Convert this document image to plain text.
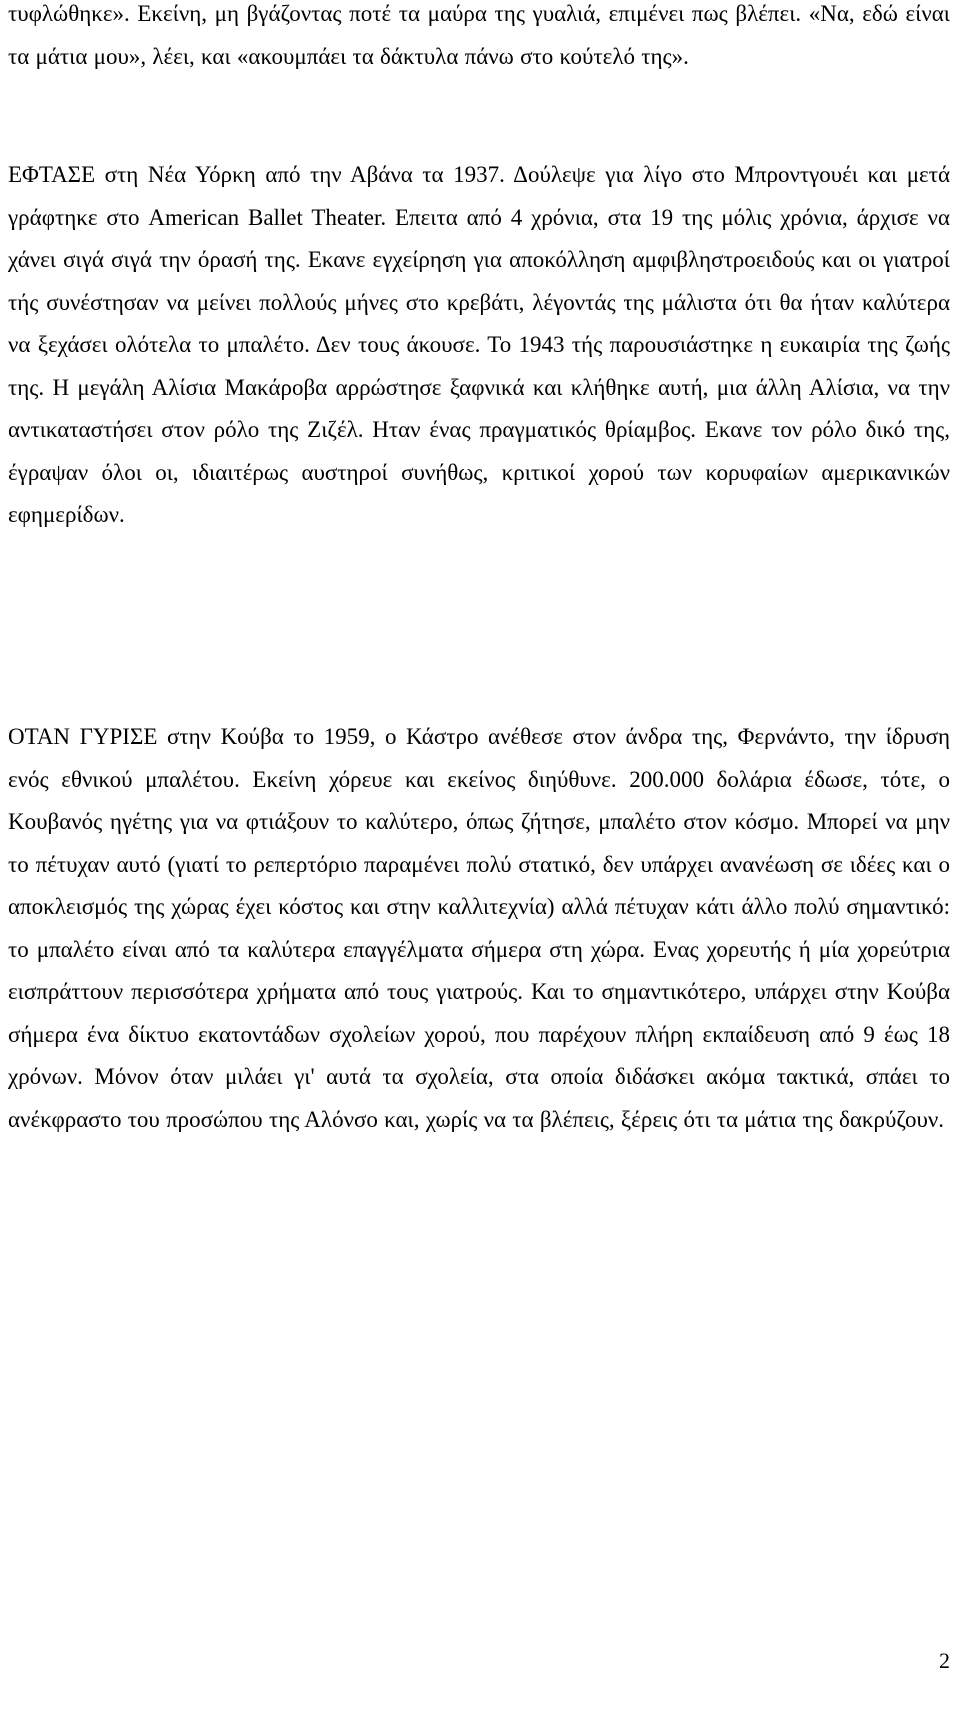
τυφλώθηκε». Εκείνη, μη βγάζοντας ποτέ τα μαύρα της γυαλιά, επιμένει πως βλέπει. «Να, εδώ είναι τα μάτια μου», λέει, και «ακουμπάει τα δάκτυλα πάνω στο κούτελό της».

ΕΦΤΑΣΕ στη Νέα Υόρκη από την Αβάνα τα 1937. Δούλεψε για λίγο στο Μπροντγουέι και μετά γράφτηκε στο American Ballet Theater. Επειτα από 4 χρόνια, στα 19 της μόλις χρόνια, άρχισε να χάνει σιγά σιγά την όρασή της. Εκανε εγχείρηση για αποκόλληση αμφιβληστροειδούς και οι γιατροί τής συνέστησαν να μείνει πολλούς μήνες στο κρεβάτι, λέγοντάς της μάλιστα ότι θα ήταν καλύτερα να ξεχάσει ολότελα το μπαλέτο. Δεν τους άκουσε. Το 1943 τής παρουσιάστηκε η ευκαιρία της ζωής της. Η μεγάλη Αλίσια Μακάροβα αρρώστησε ξαφνικά και κλήθηκε αυτή, μια άλλη Αλίσια, να την αντικαταστήσει στον ρόλο της Ζιζέλ. Ηταν ένας πραγματικός θρίαμβος. Εκανε τον ρόλο δικό της, έγραψαν όλοι οι, ιδιαιτέρως αυστηροί συνήθως, κριτικοί χορού των κορυφαίων αμερικανικών εφημερίδων.

ΟΤΑΝ ΓΥΡΙΣΕ στην Κούβα το 1959, ο Κάστρο ανέθεσε στον άνδρα της, Φερνάντο, την ίδρυση ενός εθνικού μπαλέτου. Εκείνη χόρευε και εκείνος διηύθυνε. 200.000 δολάρια έδωσε, τότε, ο Κουβανός ηγέτης για να φτιάξουν το καλύτερο, όπως ζήτησε, μπαλέτο στον κόσμο. Μπορεί να μην το πέτυχαν αυτό (γιατί το ρεπερτόριο παραμένει πολύ στατικό, δεν υπάρχει ανανέωση σε ιδέες και ο αποκλεισμός της χώρας έχει κόστος και στην καλλιτεχνία) αλλά πέτυχαν κάτι άλλο πολύ σημαντικό: το μπαλέτο είναι από τα καλύτερα επαγγέλματα σήμερα στη χώρα. Ενας χορευτής ή μία χορεύτρια εισπράττουν περισσότερα χρήματα από τους γιατρούς. Και το σημαντικότερο, υπάρχει στην Κούβα σήμερα ένα δίκτυο εκατοντάδων σχολείων χορού, που παρέχουν πλήρη εκπαίδευση από 9 έως 18 χρόνων. Μόνον όταν μιλάει γι' αυτά τα σχολεία, στα οποία διδάσκει ακόμα τακτικά, σπάει το ανέκφραστο του προσώπου της Αλόνσο και, χωρίς να τα βλέπεις, ξέρεις ότι τα μάτια της δακρύζουν.

2
